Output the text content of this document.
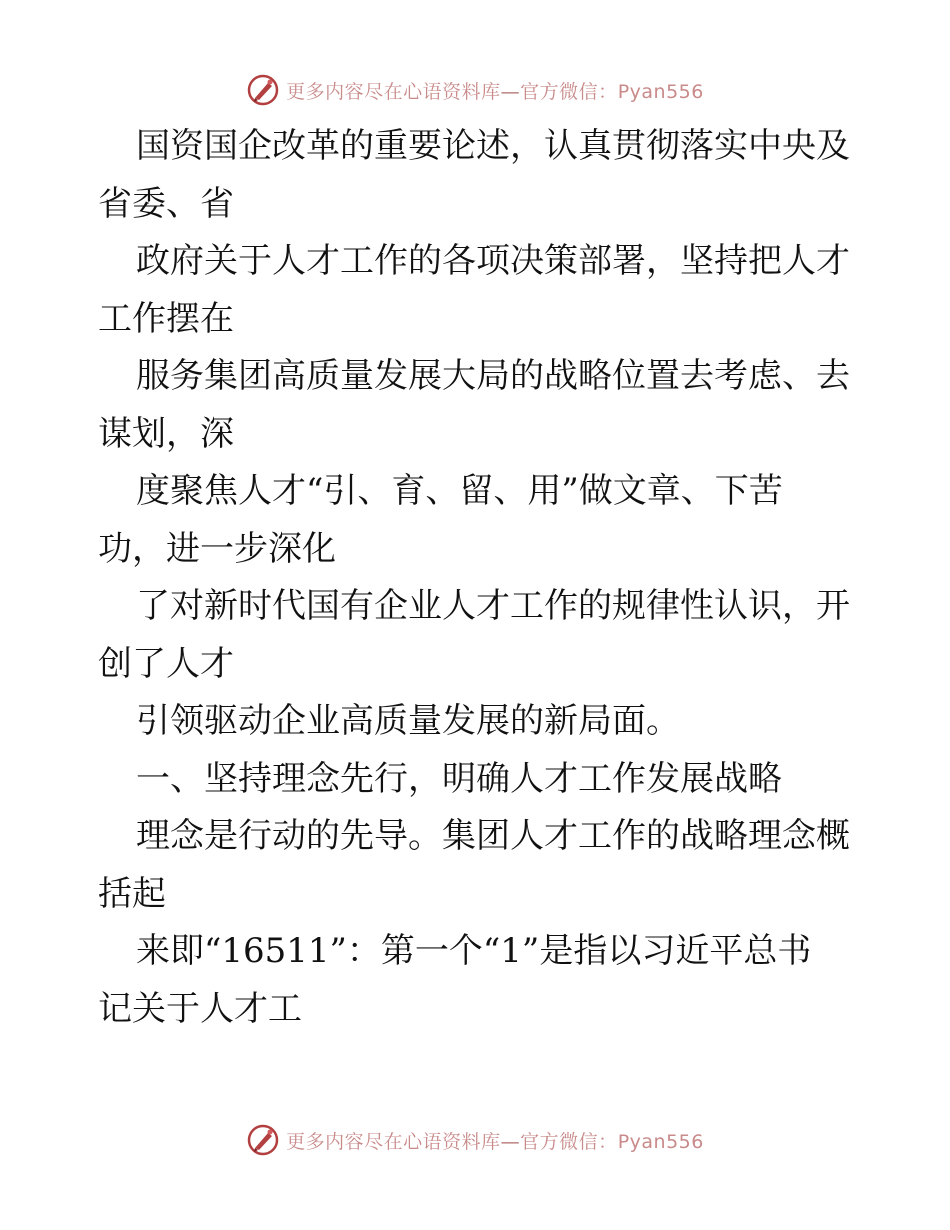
更多内容尽在心语资料库—官方微信：Pyan556
国资国企改革的重要论述，认真贯彻落实中央及
省委、省
政府关于人才工作的各项决策部署，坚持把人才
工作摆在
服务集团高质量发展大局的战略位置去考虑、去
谋划，深
度聚焦人才“引、育、留、用”做文章、下苦
功，进一步深化
了对新时代国有企业人才工作的规律性认识，开
创了人才
引领驱动企业高质量发展的新局面。
一、坚持理念先行，明确人才工作发展战略
理念是行动的先导。集团人才工作的战略理念概
括起
来即“16511”：第一个“1”是指以习近平总书
记关于人才工
更多内容尽在心语资料库—官方微信：Pyan556
